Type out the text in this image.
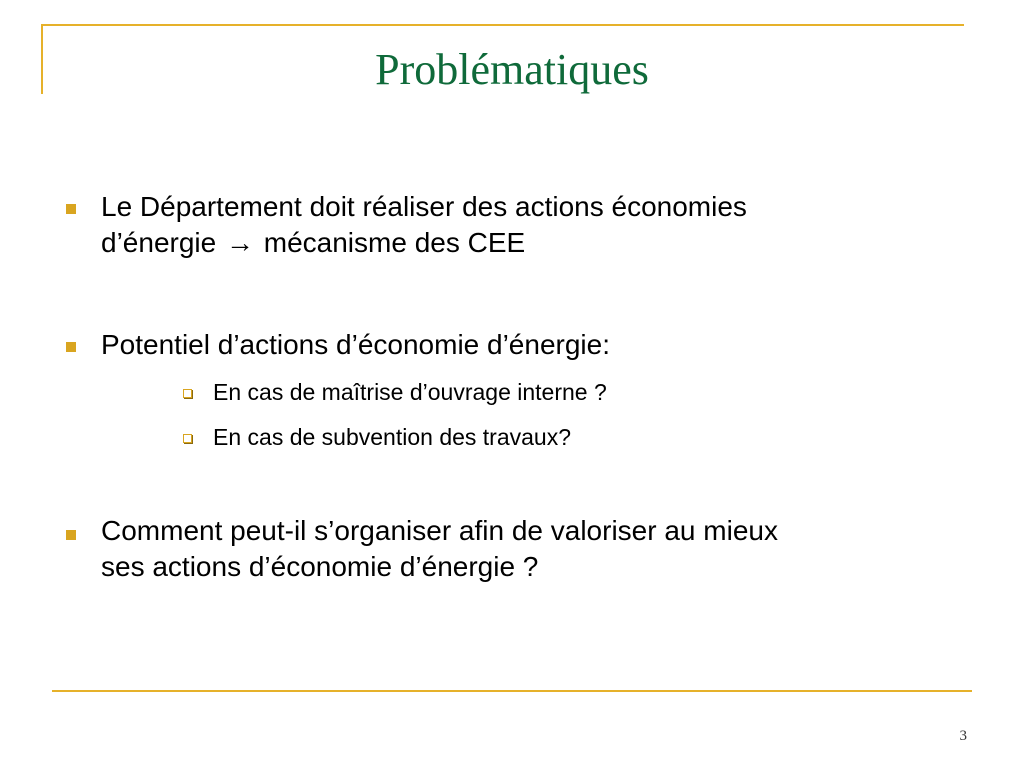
Problématiques
Le Département doit réaliser des actions économies
d’énergie → mécanisme des CEE
Potentiel d’actions d’économie d’énergie:
En cas de maîtrise d’ouvrage interne ?
En cas de subvention des travaux?
Comment peut-il s’organiser afin de valoriser au mieux
ses actions d’économie d’énergie ?
3
